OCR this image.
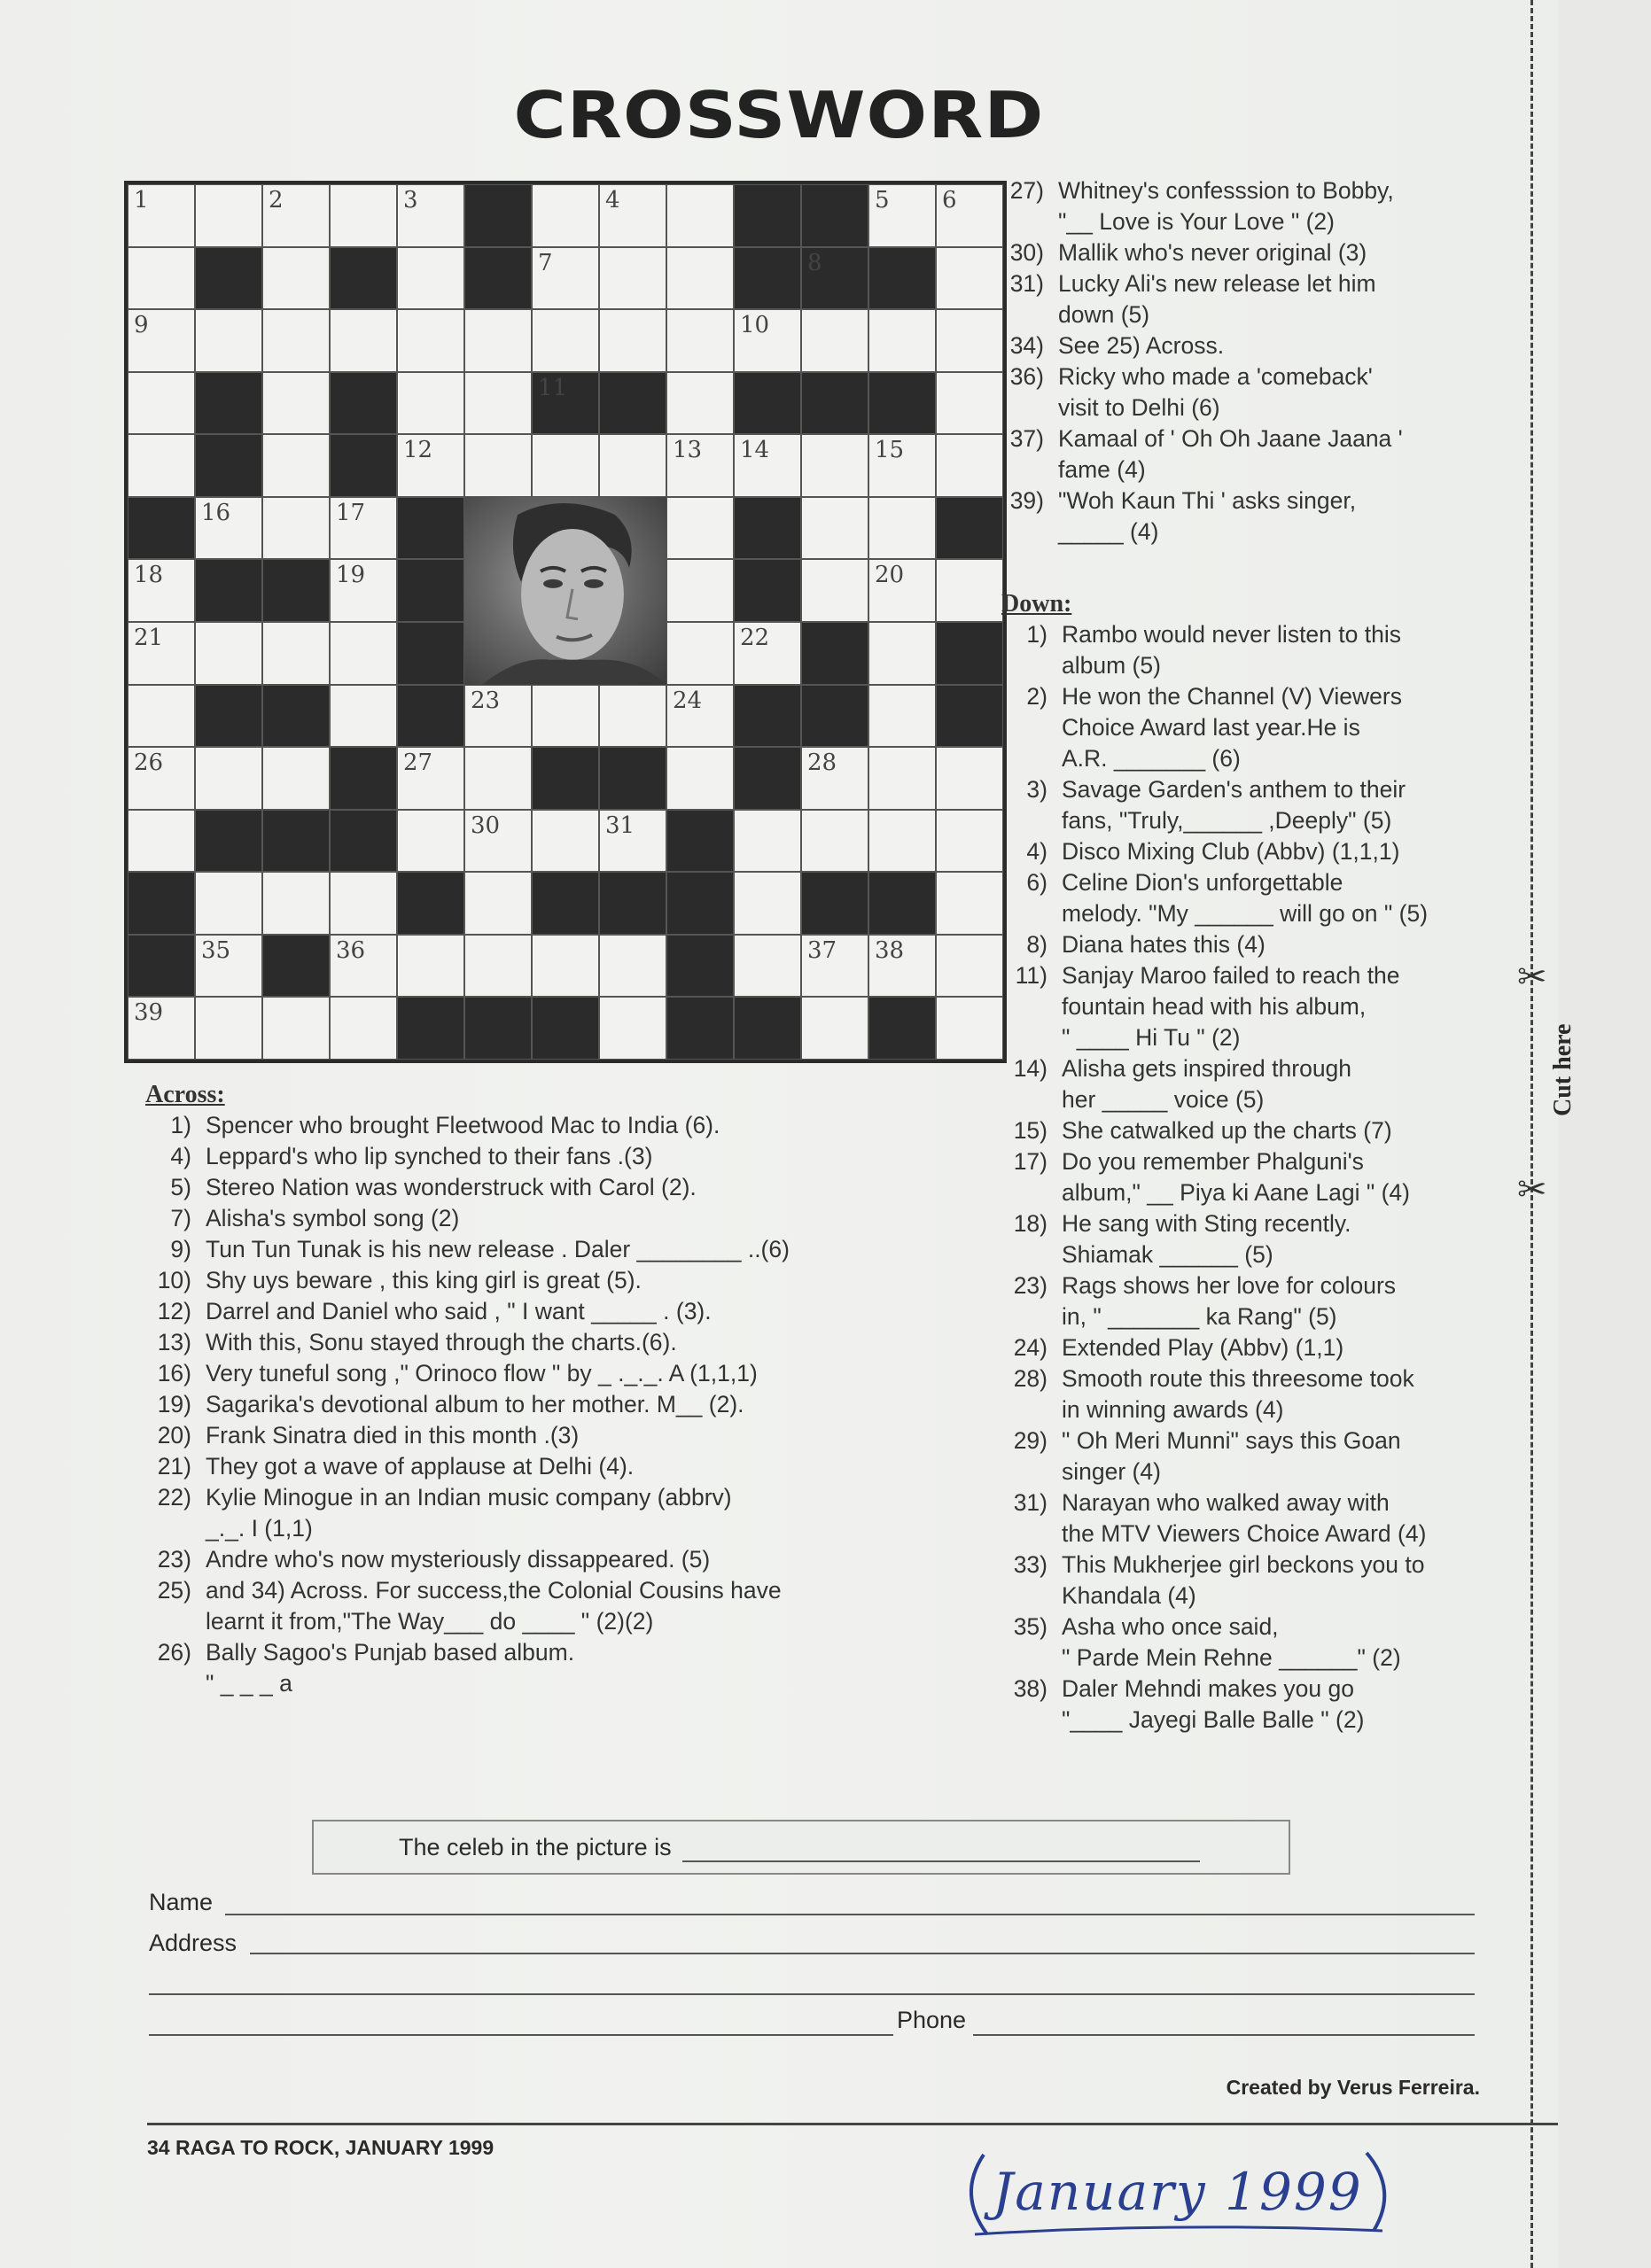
Cut here
✂
✂
CROSSWORD
1	2	3	4	5 6
7	8
9	10
11
12	13 14	15
16	17
18	19	20
21	22
23	24
26	27	28
30	31
35	36	37 38
39
27) Whitney's confesssion to Bobby,
"__ Love is Your Love " (2)
30) Mallik who's never original (3)
31) Lucky Ali's new release let him
down (5)
34) See 25) Across.
36) Ricky who made a 'comeback'
visit to Delhi (6)
37) Kamaal of ' Oh Oh Jaane Jaana '
fame (4)
39) "Woh Kaun Thi ' asks singer,
_____ (4)
Down:
1) Rambo would never listen to this
album (5)
2) He won the Channel (V) Viewers
Choice Award last year.He is
A.R. _______ (6)
3) Savage Garden's anthem to their
fans, "Truly,______ ,Deeply" (5)
4) Disco Mixing Club (Abbv) (1,1,1)
6) Celine Dion's unforgettable
melody. "My ______ will go on " (5)
8) Diana hates this (4)
11) Sanjay Maroo failed to reach the
fountain head with his album,
" ____ Hi Tu " (2)
14) Alisha gets inspired through
her _____ voice (5)
15) She catwalked up the charts (7)
17) Do you remember Phalguni's
album," __ Piya ki Aane Lagi " (4)
18) He sang with Sting recently.
Shiamak ______ (5)
23) Rags shows her love for colours
in, " _______ ka Rang" (5)
24) Extended Play (Abbv) (1,1)
28) Smooth route this threesome took
in winning awards (4)
29) " Oh Meri Munni" says this Goan
singer (4)
31) Narayan who walked away with
the MTV Viewers Choice Award (4)
33) This Mukherjee girl beckons you to
Khandala (4)
35) Asha who once said,
" Parde Mein Rehne ______" (2)
38) Daler Mehndi makes you go
"____ Jayegi Balle Balle " (2)
Across:
1) Spencer who brought Fleetwood Mac to India (6).
4) Leppard's who lip synched to their fans .(3)
5) Stereo Nation was wonderstruck with Carol (2).
7) Alisha's symbol song (2)
9) Tun Tun Tunak is his new release . Daler ________ ..(6)
10) Shy uys beware , this king girl is great (5).
12) Darrel and Daniel who said , " I want _____ . (3).
13) With this, Sonu stayed through the charts.(6).
16) Very tuneful song ," Orinoco flow " by _ ._._. A (1,1,1)
19) Sagarika's devotional album to her mother. M__ (2).
20) Frank Sinatra died in this month .(3)
21) They got a wave of applause at Delhi (4).
22) Kylie Minogue in an Indian music company (abbrv)
_._. I (1,1)
23) Andre who's now mysteriously dissappeared. (5)
25) and 34) Across. For success,the Colonial Cousins have
learnt it from,"The Way___ do ____ " (2)(2)
26) Bally Sagoo's Punjab based album.
" _ _ _ a
The celeb in the picture is
Name
Address
Phone
Created by Verus Ferreira.
34 RAGA TO ROCK, JANUARY 1999
January 1999
